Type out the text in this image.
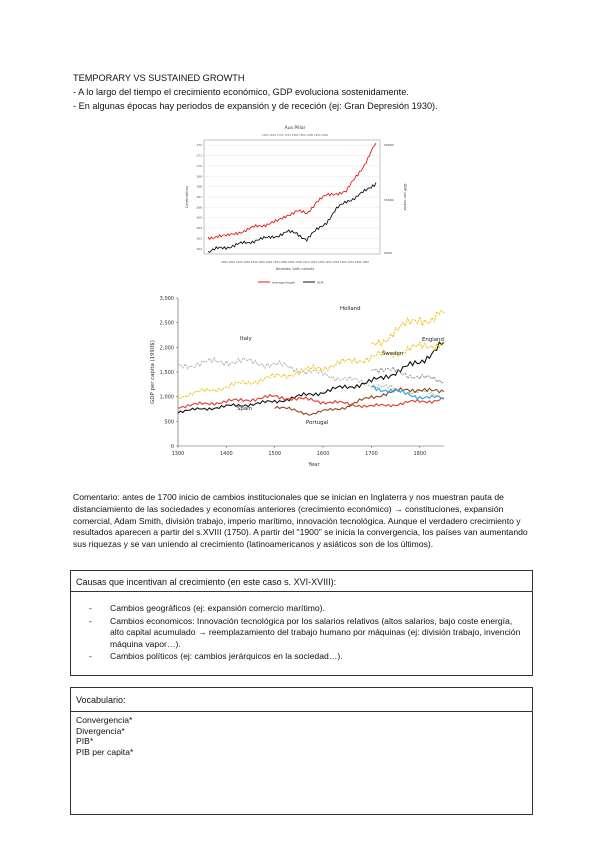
TEMPORARY VS SUSTAINED GROWTH
- A lo largo del tiempo el crecimiento económico, GDP evoluciona sostenidamente.
- En algunas épocas hay periodos de expansión y de receción (ej: Gran Depresión 1930).
Aus Pillar
1600 1650 1700 1750 1800 1850 1900 1950 2000
172
171
170
169
168
167
166
165
164
163
162
Centímetros	GDP per capita
25000
15000
5000
1800 1810 1820 1830 1840 1850 1860 1870 1880 1890 1900 1910 1920 1930 1940 1950 1960 1970 1980 1990
Decades, birth cohorts
Average height	GDP
0
500
1,000
1,500
2,000
2,500
3,000
1300	1400	1500	1600	1700	1800
GDP per capita (1990$)
Year
Holland
Italy	England
Sweden
Spain
Portugal
Comentario: antes de 1700 inicio de cambios institucionales que se inician en Inglaterra y nos muestran pauta de distanciamiento de las sociedades y economías anteriores (crecimiento económico) → constituciones, expansión comercial, Adam Smith, división trabajo, imperio marítimo, innovación tecnológica. Aunque el verdadero crecimiento y resultados aparecen a partir del s.XVIII (1750). A partir del "1900" se inicia la convergencia, los países van aumentando sus riquezas y se van uniendo al crecimiento (latinoamericanos y asiáticos son de los últimos).
Causas que incentivan al crecimiento (en este caso s. XVI-XVIII):
- Cambios geográficos (ej: expansión comercio marítimo).
- Cambios economicos: Innovación tecnológica por los salarios relativos (altos salarios, bajo coste energía, alto capital acumulado → reemplazamiento del trabajo humano por máquinas (ej: división trabajo, invención máquina vapor…).
- Cambios políticos (ej: cambios jerárquicos en la sociedad…).
Vocabulario:
Convergencia*
Divergencia*
PIB*
PIB per capita*
